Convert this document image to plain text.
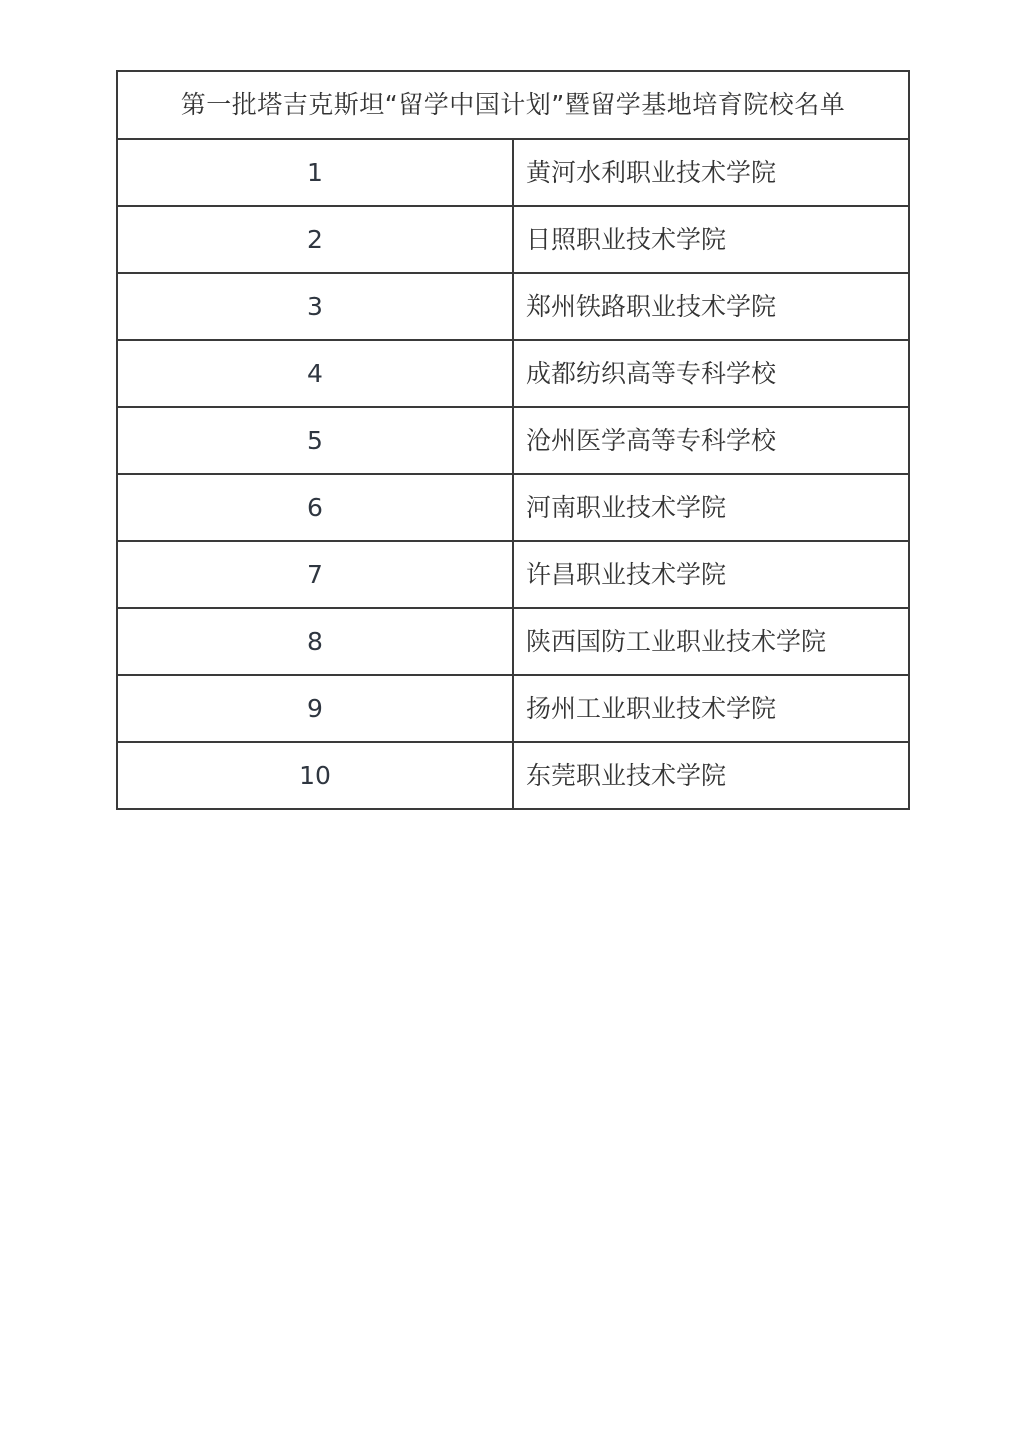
第一批塔吉克斯坦“留学中国计划”暨留学基地培育院校名单	
1	黄河水利职业技术学院
2	日照职业技术学院
3	郑州铁路职业技术学院
4	成都纺织高等专科学校
5	沧州医学高等专科学校
6	河南职业技术学院
7	许昌职业技术学院
8	陕西国防工业职业技术学院
9	扬州工业职业技术学院
10	东莞职业技术学院
